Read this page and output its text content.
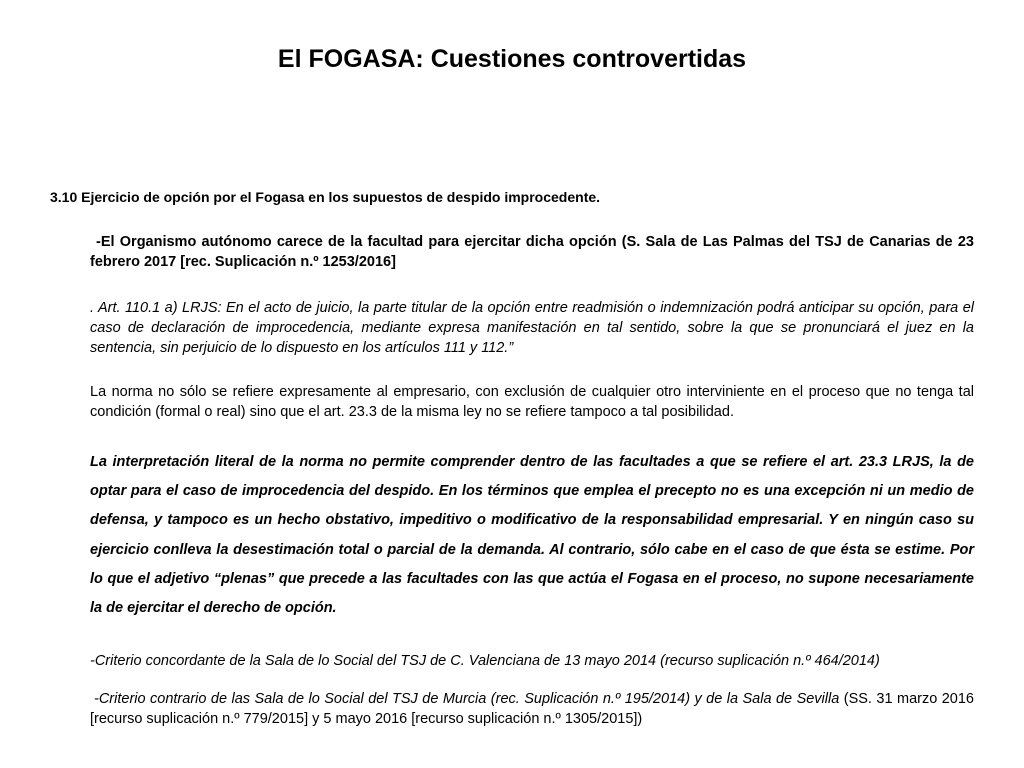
El FOGASA: Cuestiones controvertidas

3.10 Ejercicio de opción por el Fogasa en los supuestos de despido improcedente.

-El Organismo autónomo carece de la facultad para ejercitar dicha opción (S. Sala de Las Palmas del TSJ de Canarias de 23 febrero 2017 [rec. Suplicación n.º 1253/2016]

. Art. 110.1 a) LRJS: En el acto de juicio, la parte titular de la opción entre readmisión o indemnización podrá anticipar su opción, para el caso de declaración de improcedencia, mediante expresa manifestación en tal sentido, sobre la que se pronunciará el juez en la sentencia, sin perjuicio de lo dispuesto en los artículos 111 y 112.”

La norma no sólo se refiere expresamente al empresario, con exclusión de cualquier otro interviniente en el proceso que no tenga tal condición (formal o real) sino que el art. 23.3 de la misma ley no se refiere tampoco a tal posibilidad.

La interpretación literal de la norma no permite comprender dentro de las facultades a que se refiere el art. 23.3 LRJS, la de optar para el caso de improcedencia del despido. En los términos que emplea el precepto no es una excepción ni un medio de defensa, y tampoco es un hecho obstativo, impeditivo o modificativo de la responsabilidad empresarial. Y en ningún caso su ejercicio conlleva la desestimación total o parcial de la demanda. Al contrario, sólo cabe en el caso de que ésta se estime. Por lo que el adjetivo “plenas” que precede a las facultades con las que actúa el Fogasa en el proceso, no supone necesariamente la de ejercitar el derecho de opción.

-Criterio concordante de la Sala de lo Social del TSJ de C. Valenciana de 13 mayo 2014 (recurso suplicación n.º 464/2014)

-Criterio contrario de las Sala de lo Social del TSJ de Murcia (rec. Suplicación n.º 195/2014) y de la Sala de Sevilla (SS. 31 marzo 2016 [recurso suplicación n.º 779/2015] y 5 mayo 2016 [recurso suplicación n.º 1305/2015])
